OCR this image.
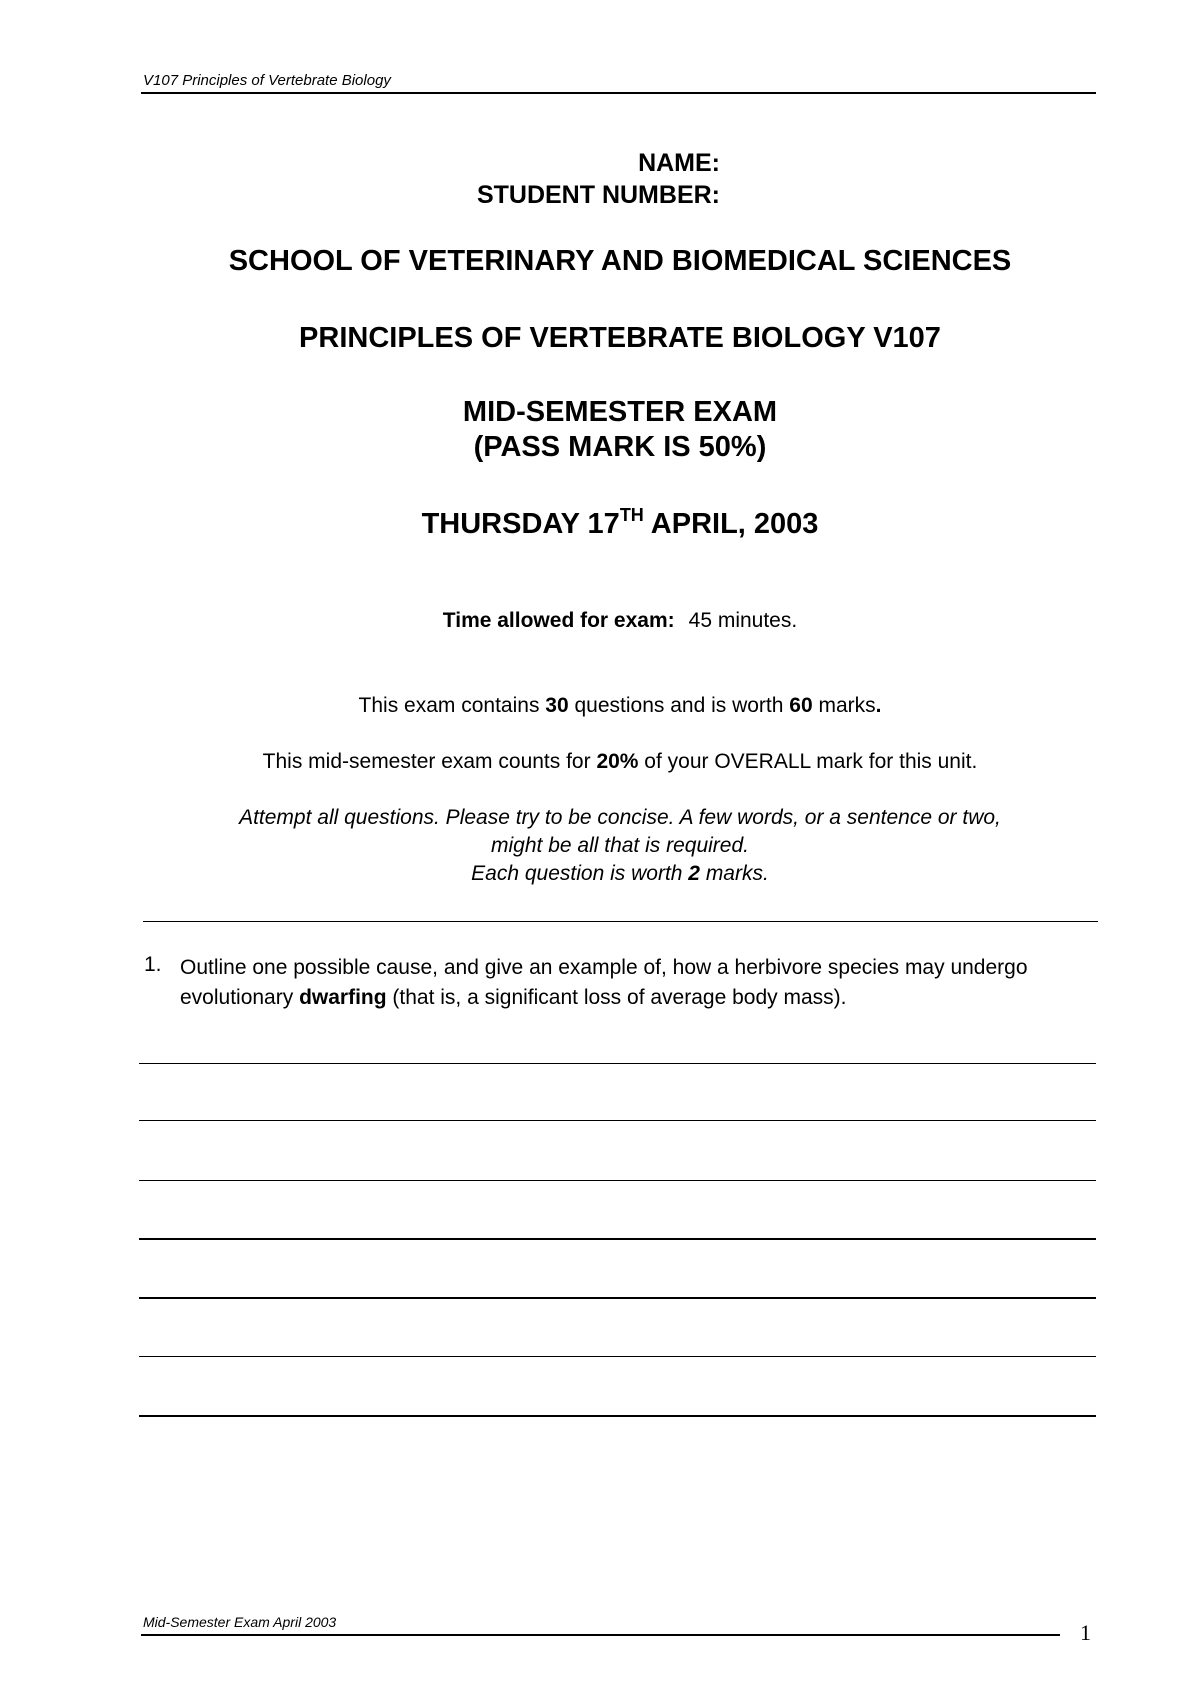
V107 Principles of Vertebrate Biology
NAME:
STUDENT NUMBER:
SCHOOL OF VETERINARY AND BIOMEDICAL SCIENCES
PRINCIPLES OF VERTEBRATE BIOLOGY V107
MID-SEMESTER EXAM
(PASS MARK IS 50%)
THURSDAY 17TH APRIL, 2003
Time allowed for exam: 45 minutes.
This exam contains 30 questions and is worth 60 marks.
This mid-semester exam counts for 20% of your OVERALL mark for this unit.
Attempt all questions. Please try to be concise. A few words, or a sentence or two,
might be all that is required.
Each question is worth 2 marks.
1. Outline one possible cause, and give an example of, how a herbivore species may undergo evolutionary dwarfing (that is, a significant loss of average body mass).
Mid-Semester Exam April 2003	1
